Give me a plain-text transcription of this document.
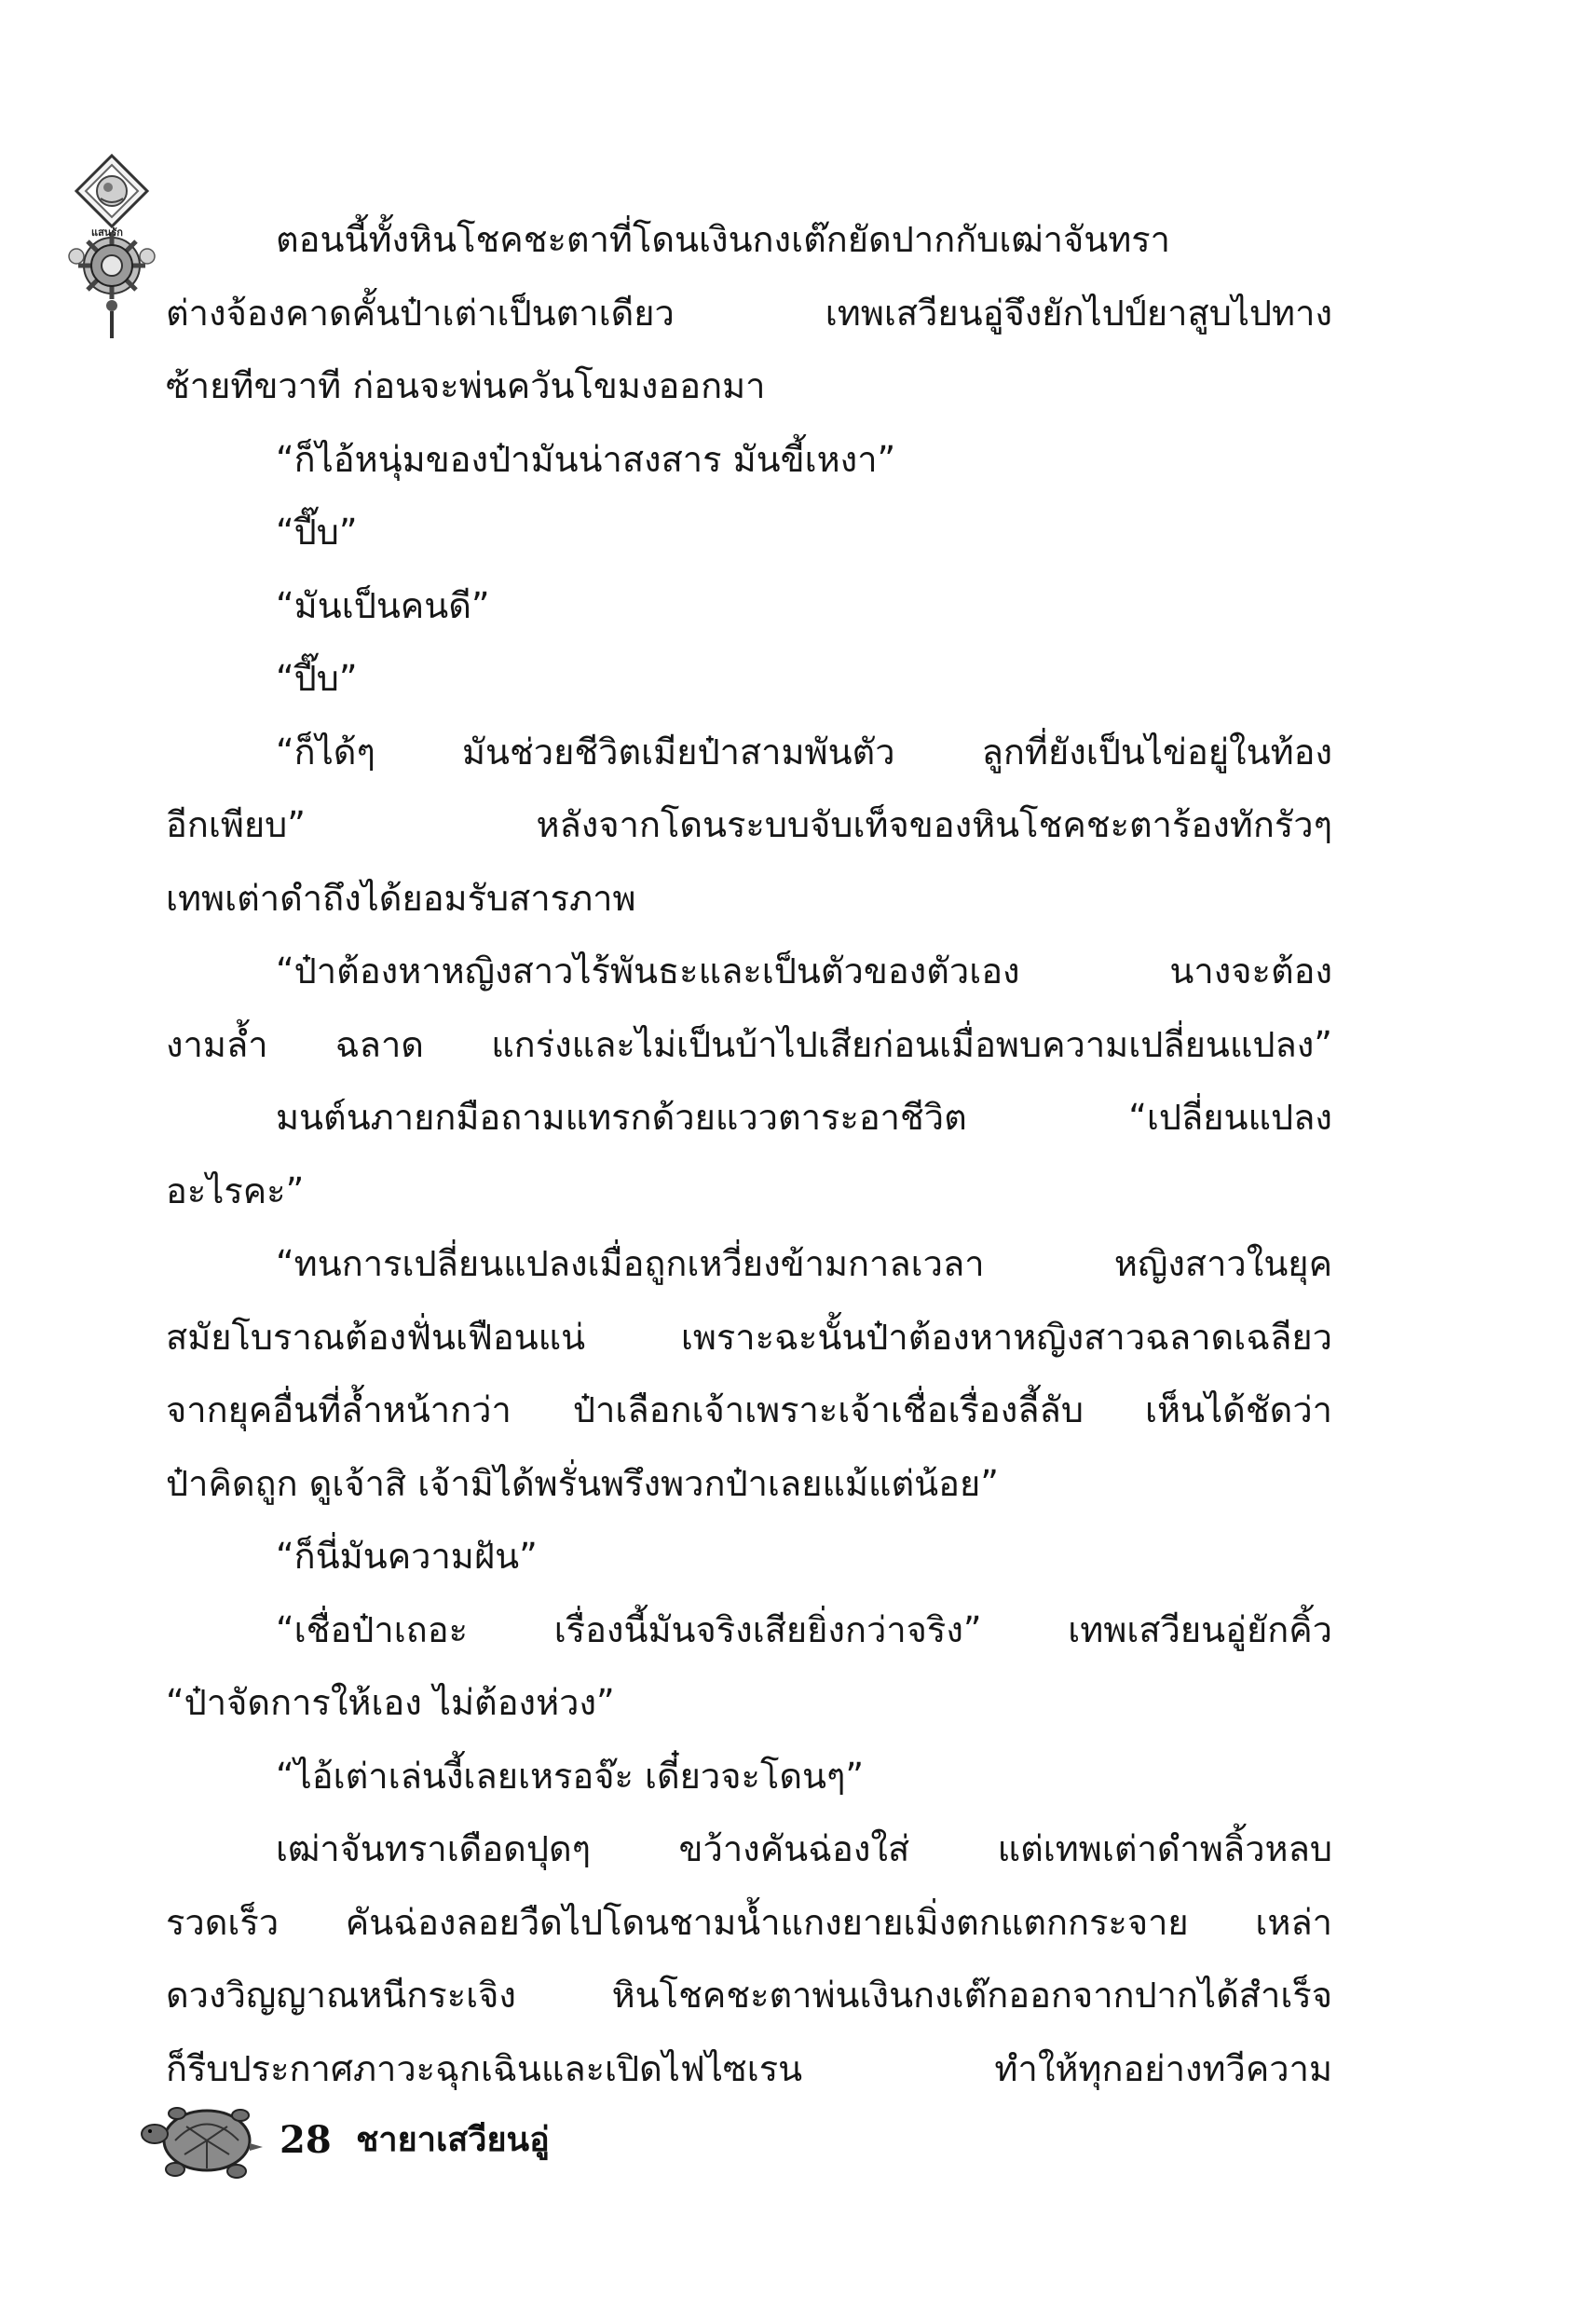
แสนรัก	ตอนนี้ทั้งหินโชคชะตาที่โดนเงินกงเต๊กยัดปากกับเฒ่าจันทรา
ต่างจ้องคาดคั้นป๋าเต่าเป็นตาเดียว เทพเสวียนอู่จึงยักไปป์ยาสูบไปทาง
ซ้ายทีขวาที ก่อนจะพ่นควันโขมงออกมา
“ก็ไอ้หนุ่มของป๋ามันน่าสงสาร มันขี้เหงา”
“ปี๊บ”
“มันเป็นคนดี”
“ปี๊บ”
“ก็ได้ๆ มันช่วยชีวิตเมียป๋าสามพันตัว ลูกที่ยังเป็นไข่อยู่ในท้อง
อีกเพียบ” หลังจากโดนระบบจับเท็จของหินโชคชะตาร้องทักรัวๆ
เทพเต่าดำถึงได้ยอมรับสารภาพ
“ป๋าต้องหาหญิงสาวไร้พันธะและเป็นตัวของตัวเอง นางจะต้อง
งามล้ำ ฉลาด แกร่งและไม่เป็นบ้าไปเสียก่อนเมื่อพบความเปลี่ยนแปลง”
มนต์นภายกมือถามแทรกด้วยแววตาระอาชีวิต “เปลี่ยนแปลง
อะไรคะ”
“ทนการเปลี่ยนแปลงเมื่อถูกเหวี่ยงข้ามกาลเวลา หญิงสาวในยุค
สมัยโบราณต้องฟั่นเฟือนแน่ เพราะฉะนั้นป๋าต้องหาหญิงสาวฉลาดเฉลียว
จากยุคอื่นที่ล้ำหน้ากว่า ป๋าเลือกเจ้าเพราะเจ้าเชื่อเรื่องลี้ลับ เห็นได้ชัดว่า
ป๋าคิดถูก ดูเจ้าสิ เจ้ามิได้พรั่นพรึงพวกป๋าเลยแม้แต่น้อย”
“ก็นี่มันความฝัน”
“เชื่อป๋าเถอะ เรื่องนี้มันจริงเสียยิ่งกว่าจริง” เทพเสวียนอู่ยักคิ้ว
“ป๋าจัดการให้เอง ไม่ต้องห่วง”
“ไอ้เต่าเล่นงี้เลยเหรอจ๊ะ เดี๋ยวจะโดนๆ”
เฒ่าจันทราเดือดปุดๆ ขว้างคันฉ่องใส่ แต่เทพเต่าดำพลิ้วหลบ
รวดเร็ว คันฉ่องลอยวืดไปโดนชามน้ำแกงยายเมิ่งตกแตกกระจาย เหล่า
ดวงวิญญาณหนีกระเจิง หินโชคชะตาพ่นเงินกงเต๊กออกจากปากได้สำเร็จ
ก็รีบประกาศภาวะฉุกเฉินและเปิดไฟไซเรน ทำให้ทุกอย่างทวีความ
28 ชายาเสวียนอู่
